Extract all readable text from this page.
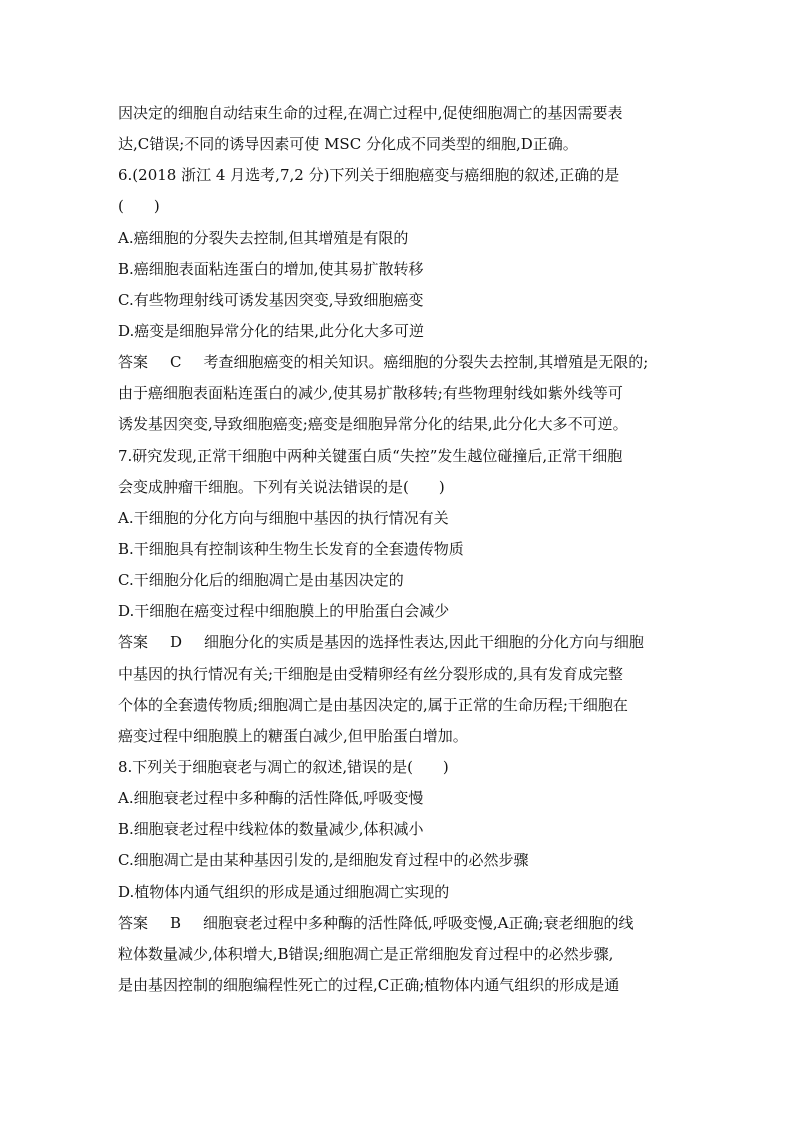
因决定的细胞自动结束生命的过程,在凋亡过程中,促使细胞凋亡的基因需要表
达,C错误;不同的诱导因素可使 MSC 分化成不同类型的细胞,D正确。
6.(2018 浙江 4 月选考,7,2 分)下列关于细胞癌变与癌细胞的叙述,正确的是
(　　)
A.癌细胞的分裂失去控制,但其增殖是有限的
B.癌细胞表面粘连蛋白的增加,使其易扩散转移
C.有些物理射线可诱发基因突变,导致细胞癌变
D.癌变是细胞异常分化的结果,此分化大多可逆
答案 C 考查细胞癌变的相关知识。癌细胞的分裂失去控制,其增殖是无限的;
由于癌细胞表面粘连蛋白的减少,使其易扩散移转;有些物理射线如紫外线等可
诱发基因突变,导致细胞癌变;癌变是细胞异常分化的结果,此分化大多不可逆。
7.研究发现,正常干细胞中两种关键蛋白质“失控”发生越位碰撞后,正常干细胞
会变成肿瘤干细胞。下列有关说法错误的是(　　)
A.干细胞的分化方向与细胞中基因的执行情况有关
B.干细胞具有控制该种生物生长发育的全套遗传物质
C.干细胞分化后的细胞凋亡是由基因决定的
D.干细胞在癌变过程中细胞膜上的甲胎蛋白会减少
答案 D 细胞分化的实质是基因的选择性表达,因此干细胞的分化方向与细胞
中基因的执行情况有关;干细胞是由受精卵经有丝分裂形成的,具有发育成完整
个体的全套遗传物质;细胞凋亡是由基因决定的,属于正常的生命历程;干细胞在
癌变过程中细胞膜上的糖蛋白减少,但甲胎蛋白增加。
8.下列关于细胞衰老与凋亡的叙述,错误的是(　　)
A.细胞衰老过程中多种酶的活性降低,呼吸变慢
B.细胞衰老过程中线粒体的数量减少,体积减小
C.细胞凋亡是由某种基因引发的,是细胞发育过程中的必然步骤
D.植物体内通气组织的形成是通过细胞凋亡实现的
答案 B 细胞衰老过程中多种酶的活性降低,呼吸变慢,A正确;衰老细胞的线
粒体数量减少,体积增大,B错误;细胞凋亡是正常细胞发育过程中的必然步骤,
是由基因控制的细胞编程性死亡的过程,C正确;植物体内通气组织的形成是通
